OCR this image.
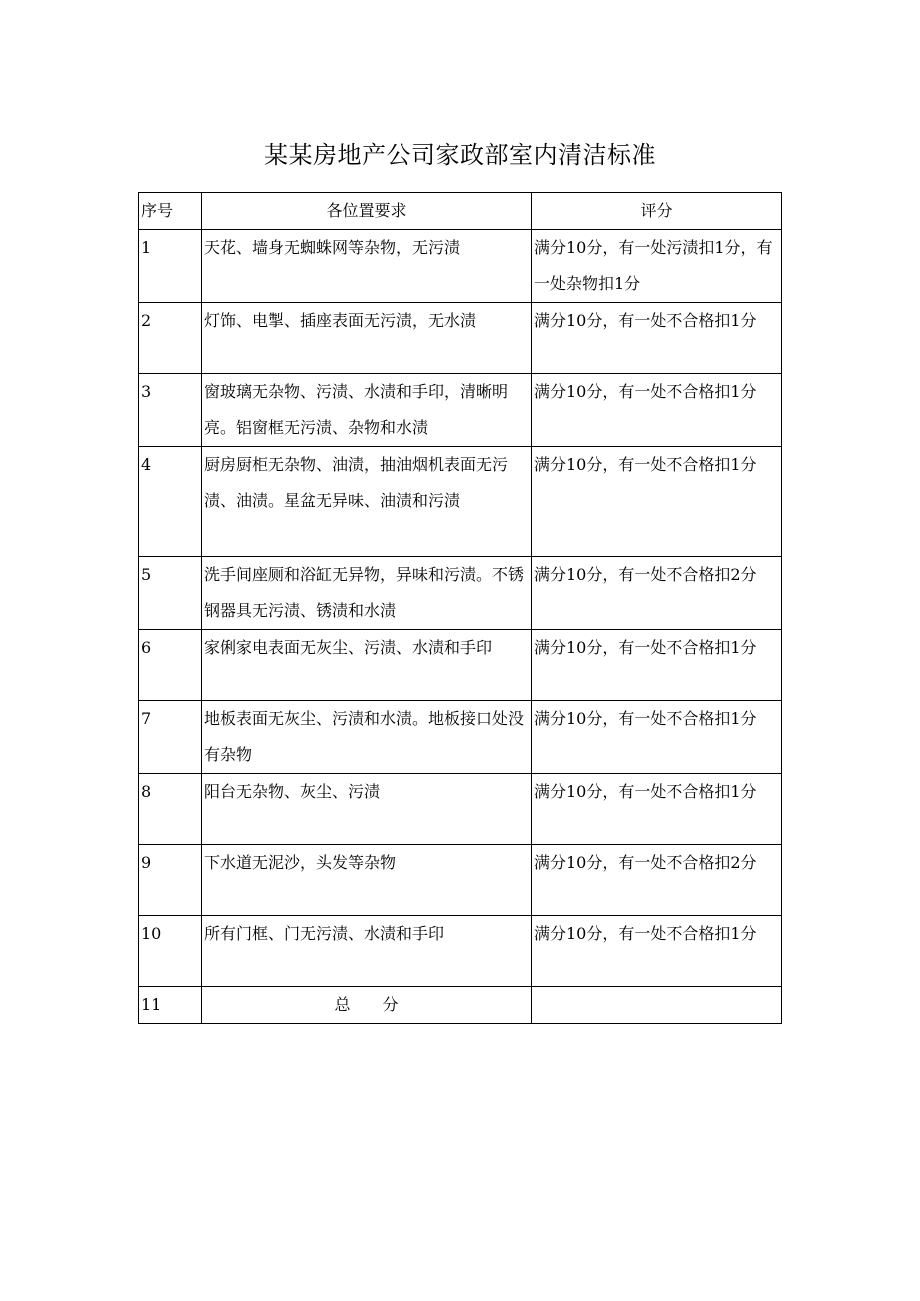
某某房地产公司家政部室内清洁标准
序号	各位置要求	评分
1	天花、墙身无蜘蛛网等杂物，无污渍	满分10分，有一处污渍扣1分，有一处杂物扣1分
2	灯饰、电掣、插座表面无污渍，无水渍	满分10分，有一处不合格扣1分
3	窗玻璃无杂物、污渍、水渍和手印，清晰明亮。铝窗框无污渍、杂物和水渍	满分10分，有一处不合格扣1分
4	厨房厨柜无杂物、油渍，抽油烟机表面无污渍、油渍。星盆无异味、油渍和污渍	满分10分，有一处不合格扣1分
5	洗手间座厕和浴缸无异物，异味和污渍。不锈钢器具无污渍、锈渍和水渍	满分10分，有一处不合格扣2分
6	家俐家电表面无灰尘、污渍、水渍和手印	满分10分，有一处不合格扣1分
7	地板表面无灰尘、污渍和水渍。地板接口处没有杂物	满分10分，有一处不合格扣1分
8	阳台无杂物、灰尘、污渍	满分10分，有一处不合格扣1分
9	下水道无泥沙，头发等杂物	满分10分，有一处不合格扣2分
10	所有门框、门无污渍、水渍和手印	满分10分，有一处不合格扣1分
11	总　　分	
